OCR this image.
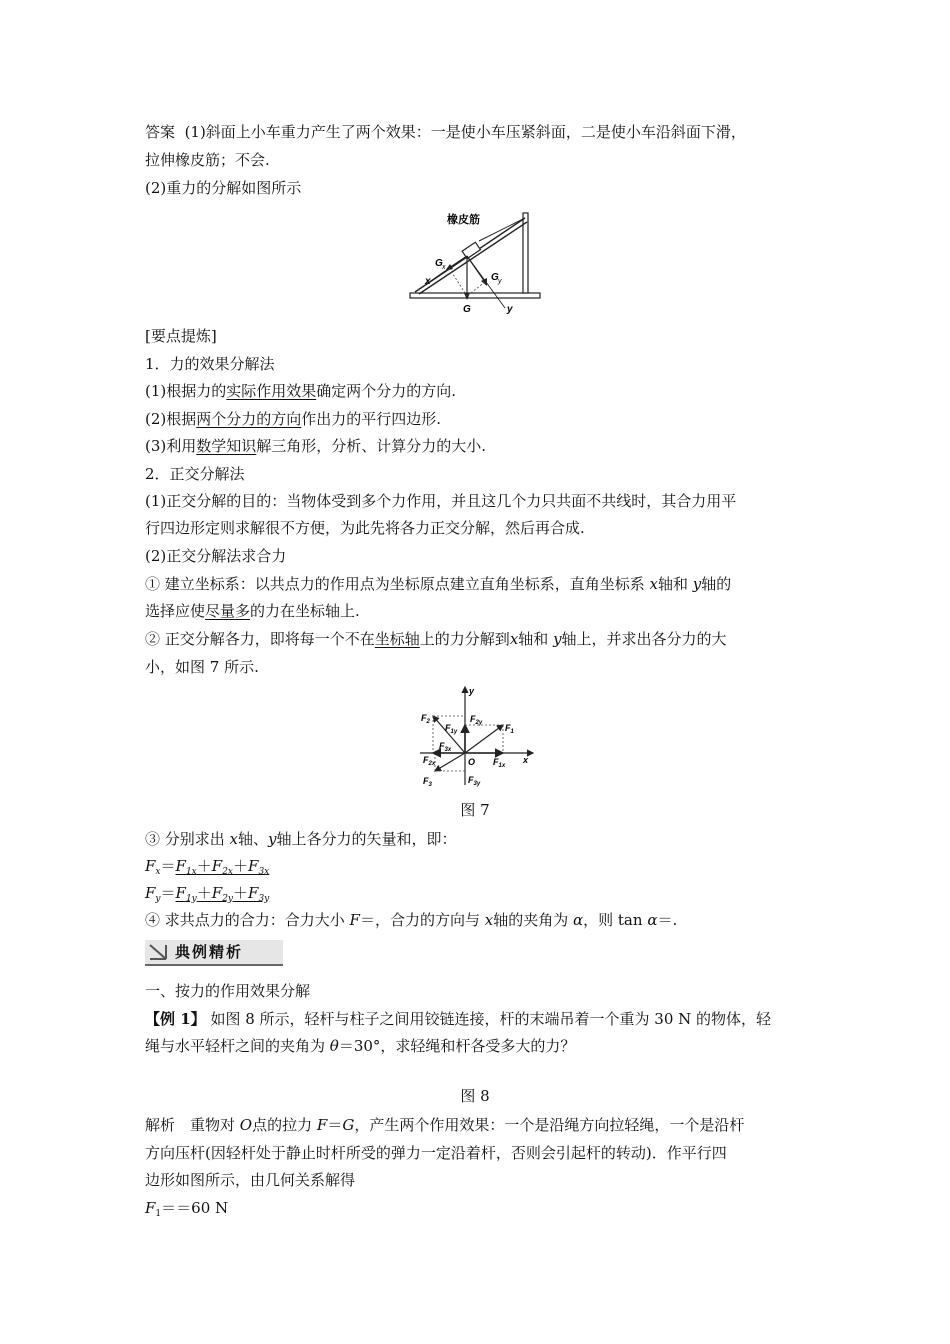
答案 (1)斜面上小车重力产生了两个效果：一是使小车压紧斜面，二是使小车沿斜面下滑，
拉伸橡皮筋；不会.
(2)重力的分解如图所示
橡皮筋
G x
G y
G
x
y
[要点提炼]
1．力的效果分解法
(1)根据力的实际作用效果确定两个分力的方向.
(2)根据两个分力的方向作出力的平行四边形.
(3)利用数学知识解三角形，分析、计算分力的大小.
2．正交分解法
(1)正交分解的目的：当物体受到多个力作用，并且这几个力只共面不共线时，其合力用平
行四边形定则求解很不方便，为此先将各力正交分解，然后再合成.
(2)正交分解法求合力
① 建立坐标系：以共点力的作用点为坐标原点建立直角坐标系，直角坐标系 x轴和 y轴的
选择应使尽量多的力在坐标轴上.
② 正交分解各力，即将每一个不在坐标轴上的力分解到x轴和 y轴上，并求出各分力的大
小，如图 7 所示.
$F_2$
$F_1$
$F_3$
$F_{1y}$
$F_{2y}$
$F_{1x}$
$F_{2x}$
$F_{3x}$
$F_{3y}$
O	x
y
图 7
③ 分别求出 x轴、y轴上各分力的矢量和，即：
$F_x=F_{1x}+F_{2x}+F_{3x}$
$F_y=F_{1y}+F_{2y}+F_{3y}$
④ 求共点力的合力：合力大小 F＝，合力的方向与 x轴的夹角为 α，则 tan α＝.
典例精析
一、按力的作用效果分解
【例 1】 如图 8 所示，轻杆与柱子之间用铰链连接，杆的末端吊着一个重为 30 N 的物体，轻
绳与水平轻杆之间的夹角为 θ＝30°，求轻绳和杆各受多大的力？
图 8
解析　重物对 O点的拉力 F＝G，产生两个作用效果：一个是沿绳方向拉轻绳，一个是沿杆
方向压杆(因轻杆处于静止时杆所受的弹力一定沿着杆，否则会引起杆的转动)．作平行四
边形如图所示，由几何关系解得
$F_1==60$ N
